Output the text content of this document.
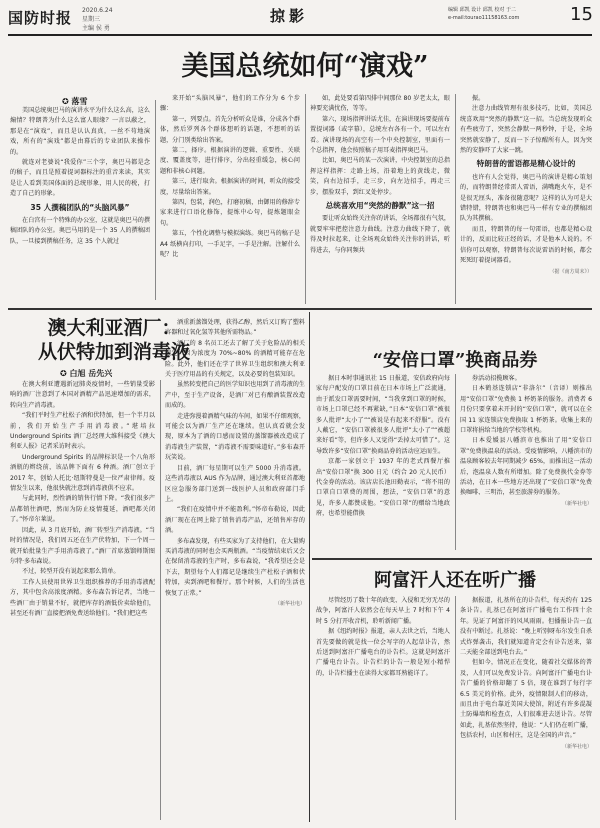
国防时报 2020.6.24
星期三
主编 侯 勇
掠影	编辑 邱凯 设计 邱凯 校对 于二
e-mail:tourao11158163.com	15
美国总统如何“演戏”
✪ 落雪

美国总统奥巴马的演讲水平为什么这么高，这么煽情？特朗普为什么这么富人眼缘？一言以蔽之，那是在“演戏”，而且是认认真真，一丝不苟地演戏，所有的“演戏”都是由幕后的专业团队来操作的。

就连对老婆说“我爱你”三个字，奥巴马都是念的稿子，而且是照着提词器标注的重音来读，其实是让人看到美国体面的总统形象，用人民的税，打造了自己的形象。

35 人撰稿团队的“头脑风暴”

在白宫有一个特殊的办公室，这就是奥巴马的撰稿团队的办公室。奥巴马用的是一个 35 人的撰稿团队，一旦接到撰稿任务，这 35 个人就过

来开始“头脑风暴”，他们的工作分为 6 个步骤：

第一，列要点。首先分析听众是谁，分成各个群体，然后罗列各个群体想听的话题，不想听的话题，分门别类给出答案。

第二，择序。根据演讲的逻辑、重要性、关联度、覆盖度等，进行排序，分出轻重缓急，核心问题和非核心问题。

第三，进行取舍。根据演讲的时间，听众的接受度，尽量给出答案。

第四，包装，润色，打磨初稿，由御用的修辞专家来进行口语化修饰，提炼中心句，提炼题眼金句。

第五，个性化调整与模拟演练。奥巴马的稿子是 A4 纸横向打印，一手足字，一手是注解。注解什么呢？比

如，此处要看第四排中间那位 80 岁老太太，眼神要充满忧伤，等等。

第六，现场指挥讲话尤佳，在演讲现场要提前布置提词器（或字幕），总统左右各有一个，可以左右看。演讲现场的高空有一个中央控制室，里面有一个总指挥，他会按照稿子用耳麦指挥奥巴马。

比如，奥巴马的某一次演讲，中央控制室的总指挥这样指挥：走路上场，沿着地上的黄线走，微笑，向右边招手，走三步，向左边招手，再走三步，摆脸双手，到红叉处停步。

总统喜欢用“突然的静默”这一招

要让听众始终关注你的讲话，全场都很有气氛，就要牢牢把控注意力曲线。注意力曲线下降了，就得及时拉起来，让全场观众始终关注你的讲话，听得进去，与你同频共

振。

注意力曲线管理有很多技巧，比如，美国总统喜欢用“突然的静默”这一招。当总统发现听众有些疲劳了，突然会静默一两秒钟，于是，全场突然就安静了，反而一下子惊醒所有人，因为突然的安静吓了大家一跳。

特朗普的雷语都是精心设计的

也许有人会觉得，奥巴马的演讲是精心策划的，而特朗普经常雷人雷语，满嘴跑火车，是不是很无厘头，准备很随意呢？这样的认为可是大错特错，特朗普也和奥巴马一样有专业的撰稿团队为其撰稿。

而且，特朗普的每一句雷语，也都是精心设计的，反而比较正经的话，才是他本人说的。不信你可以观察，特朗普每次说雷语的时候，都会死死盯着提词器看。

（据《南方周末》）

澳大利亚酒厂：
从伏特加到消毒液
✪ 白旭 岳先兴

在澳大利亚遭遇新冠肺炎疫情时，一些销量受影响的酒厂注意到了本国对酒精产品迅速增加的需求，转向生产消毒液。

“我们平时生产杜松子酒和伏特加，但一个半月以前，我们开始生产手用消毒液。”堪培拉 Underground Spirits 酒厂总经理大维科接受《澳大利亚人报》记者采访时表示。

Underground Spirits 的品牌标识是一个八角形酒瓶的辫绕前，该品牌下面有 6 种酒。酒厂创立于 2017 年，创始人托比·纽斯特曼是一位严肃律师。疫情发生以来，他很快就注意到消毒液供不应求。

与此同时，烈性酒的销售行情下降。“我们很多产品都销往酒吧，然而为防止疫情蔓延，酒吧都关闭了。”怀帝尔莱说。

因此，从 3 月底开始，酒厂转型生产消毒液。“当时的情况是，我们周五还在生产伏特加，下一个周一就开始批量生产手用消毒液了。”酒厂首席蒸馏师斯图尔特·多布森说。

不过，转型开没有说起来那么简单。

工作人员使用世界卫生组织推荐的手用消毒液配方，其中包含高浓度酒精。多布森告诉记者，当地一些酒厂由于销量不好，就把库存的酒低价卖给他们，甚至还有酒厂直接把酒免费送给他们。“我们把这些

酒重新蒸馏处理，获得乙醇，然后又订购了塑料容器和过氧化氢等其他所需物品。”

酒厂的 8 名员工还去了解了关于危险品的相关规定，因为浓度为 70%~80% 的酒精可能存在危险。此外，他们还在学了世界卫生组织和澳大利亚关于医疗用品的有关规定，以及必要的包装知识。

虽然转变把自己的医学知识也用到了消毒液的生产中，至于生产设备，是酒厂对已有酿酒装置改造而成的。

走进弥漫着酒精气味的车间，如果不仔细观察，可能会以为酒厂生产还在继续。但认真看就会发现，原本为了酒的口感而设置的蒸馏器被改造成了消毒液生产装置，“消毒液不需要味道好。”多布森开玩笑说。

目前，酒厂每星期可以生产 5000 升消毒液。这些消毒液以 AUS 作为品牌，通过澳大利亚首都地区应急服务部门送到一线医护人员和政府部门手上。

“我们在疫情中并不能盈利。”怀帝布勒说，因此酒厂现在在网上除了销售消毒产品，还销售库存的酒。

多布森发现，有些买家为了支持他们，在大量购买消毒液的同时也会买两瓶酒。“当疫情结束后又会在保留消毒液的生产时，多布森说，“我希望还会是下去，期望每个人们都记是继续生产杜松子酒和伏特加，卖到酒吧和餐厅。那个时候，人们的生活也恢复了正常。”

（新华社电）

“安倍口罩”换商品券

据日本时事通讯社 15 日报道，安倍政府向每家每户配发的口罩目前在日本市场上广泛流通，由于派发口罩需要时间，“当我拿到口罩的时候，市场上口罩已经不再紧缺，”日本“安倍口罩”被很多人批评“太小了”“被说是有起来不舒服”。没有人戴它，“安倍口罩被很多人批评”太小了”“被超来好看”等，但许多人又觉得“丢掉太可惜了”。这导致许多“安倍口罩”换商品券的活动应运而生。

京都一家创立于 1937 年的老式西餐厅推出“安倍口罩”换 300 日元（约合 20 元人民币）代金券的活动。该店店长池田勤表示，“将不用的口罩自口罩费的周围，想法，“安倍口罩”的意见，许多人都赞成他。“安倍口罩”的赠给当地政府，也希望能借换

券活动招揽顾客。

日本鹤基连锁店“非洛尔”（音译）则推出用“安倍口罩”免费换 1 杯奶茶的服务。消费者 6 月份只要拿着未开封的“安倍口罩”，就可以在全国 11 家连锁店免费换取 1 杯奶茶。收集上来的口罩将捐给当地的学校等机构。

日本爱媛县八幡滨市也推出了用“安倍口罩”免费换温泉的活动。受疫情影响，八幡滨市的温泉顾客较去年同期减少 65%，而推出这一活动后，泡温泉人数有所增加。除了免费换代金券等活动，在日本一些地方还出现了“安倍口罩”免费换咖啡、三明治，甚至旅游券的服务。

（新华社电）

阿富汗人还在听广播

尽管经历了数十年的政变、入侵和无穷无尽的战争，阿富汗人依然会在每天早上 7 时和下午 4 时 5 分打开收音机，聆听新闻广播。

据《纽约时报》报道，亲人去世之后，当地人首先要做的就是找一位会写字的人起草讣告，然后送到阿富汗广播电台的讣告栏。这就是阿富汗广播电台讣告。讣告栏的讣告一般是短小精悍的，讣告栏播主在读得大家都耳熟能详了。

据报道，扎基所在的讣告栏，每天约有 125 条讣告。扎基已在阿富汗广播电台工作四十余年。见证了阿富汗的风风雨雨。但播报讣告一直没有中断过。扎基说：“晚上听别呀布尔发生自杀式炸弹袭击，我们就知道肯定会有讣告送来，第二天能全部送到电台去。”

但如今，情况正在变化，随着社交媒体的普及，人们可以免费发讣告。向阿富汗广播电台讣告广播的价格却翻了 5 倍，现在谁到了每行字 6.5 美元的价格。此外，疫情限制人们的移动，而且由于电台靠近美国大使馆，附近有许多混凝土防爆墙和检查点，人们很难进去送讣告。尽管如此，扎基依然坚持，他说：“人们仍在听广播，包括农村，山区和村庄，这是全国的声音。”

（新华社电）
